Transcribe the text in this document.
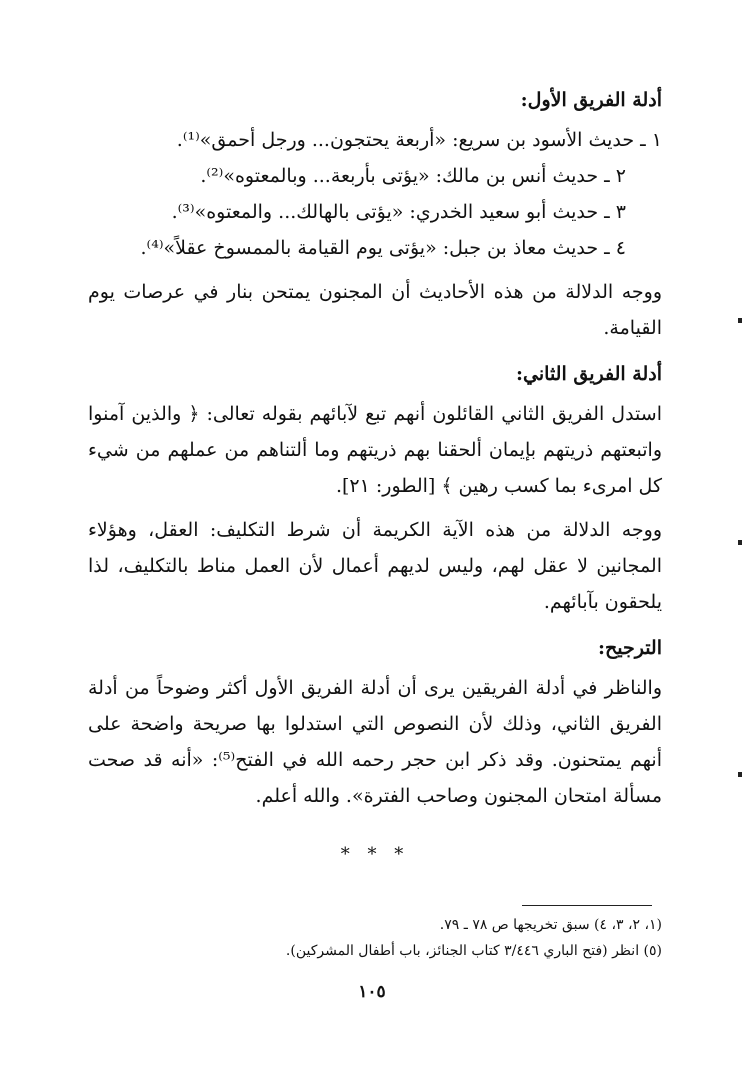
أدلة الفريق الأول:

١ ـ حديث الأسود بن سريع: «أربعة يحتجون... ورجل أحمق»⁽¹⁾.

٢ ـ حديث أنس بن مالك: «يؤتى بأربعة... وبالمعتوه»⁽²⁾.

٣ ـ حديث أبو سعيد الخدري: «يؤتى بالهالك... والمعتوه»⁽³⁾.

٤ ـ حديث معاذ بن جبل: «يؤتى يوم القيامة بالممسوخ عقلاً»⁽⁴⁾.

ووجه الدلالة من هذه الأحاديث أن المجنون يمتحن بنار في عرصات يوم القيامة.

أدلة الفريق الثاني:

استدل الفريق الثاني القائلون أنهم تبع لآبائهم بقوله تعالى: ﴿ والذين آمنوا واتبعتهم ذريتهم بإيمان ألحقنا بهم ذريتهم وما ألتناهم من عملهم من شيء كل امرىء بما كسب رهين ﴾ [الطور: ٢١].

ووجه الدلالة من هذه الآية الكريمة أن شرط التكليف: العقل، وهؤلاء المجانين لا عقل لهم، وليس لديهم أعمال لأن العمل مناط بالتكليف، لذا يلحقون بآبائهم.

الترجيح:

والناظر في أدلة الفريقين يرى أن أدلة الفريق الأول أكثر وضوحاً من أدلة الفريق الثاني، وذلك لأن النصوص التي استدلوا بها صريحة واضحة على أنهم يمتحنون. وقد ذكر ابن حجر رحمه الله في الفتح⁽⁵⁾: «أنه قد صحت مسألة امتحان المجنون وصاحب الفترة». والله أعلم.

* * *
(١، ٢، ٣، ٤) سبق تخريجها ص ٧٨ ـ ٧٩.
(٥) انظر (فتح الباري ٣/٤٤٦ كتاب الجنائز، باب أطفال المشركين).
١٠٥
